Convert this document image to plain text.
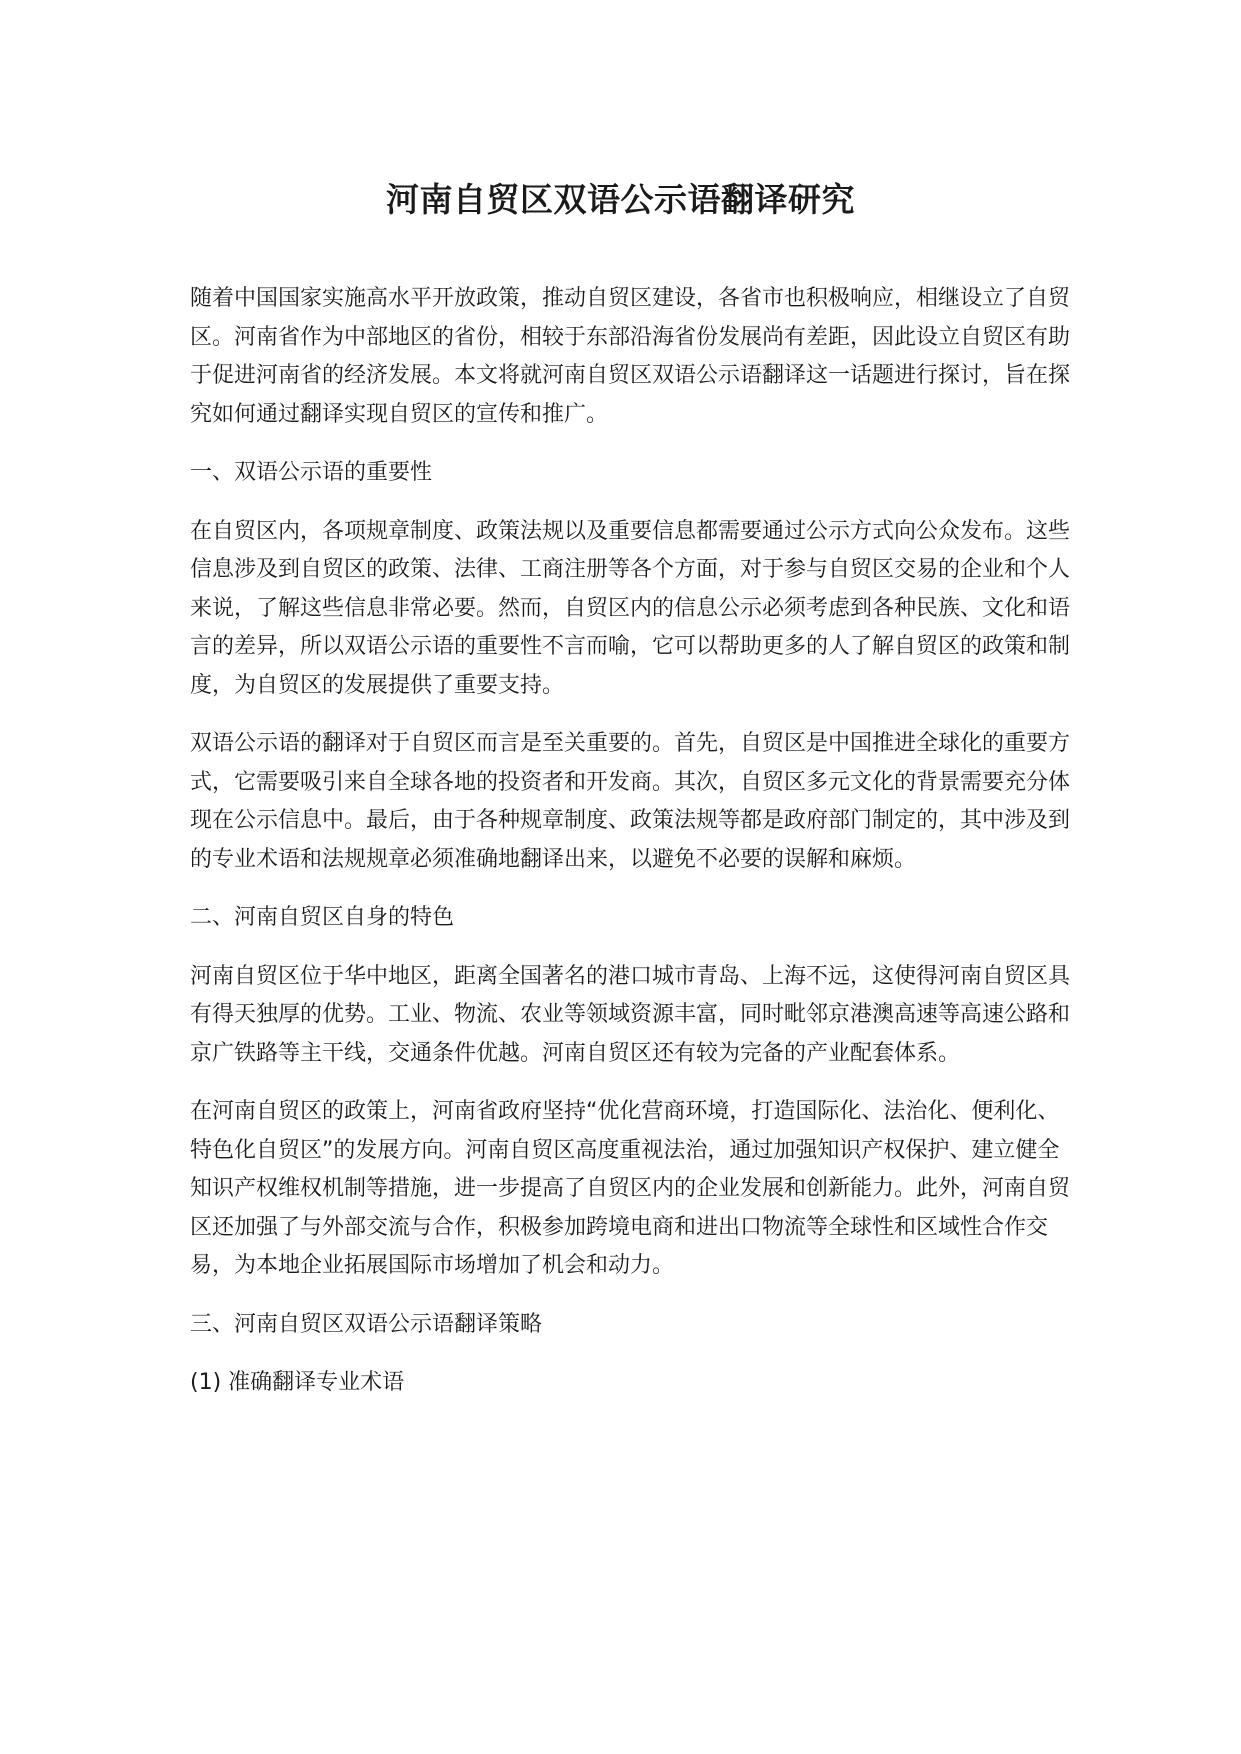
河南自贸区双语公示语翻译研究

随着中国国家实施高水平开放政策，推动自贸区建设，各省市也积极响应，相继设立了自贸区。河南省作为中部地区的省份，相较于东部沿海省份发展尚有差距，因此设立自贸区有助于促进河南省的经济发展。本文将就河南自贸区双语公示语翻译这一话题进行探讨，旨在探究如何通过翻译实现自贸区的宣传和推广。

一、双语公示语的重要性

在自贸区内，各项规章制度、政策法规以及重要信息都需要通过公示方式向公众发布。这些信息涉及到自贸区的政策、法律、工商注册等各个方面，对于参与自贸区交易的企业和个人来说，了解这些信息非常必要。然而，自贸区内的信息公示必须考虑到各种民族、文化和语言的差异，所以双语公示语的重要性不言而喻，它可以帮助更多的人了解自贸区的政策和制度，为自贸区的发展提供了重要支持。

双语公示语的翻译对于自贸区而言是至关重要的。首先，自贸区是中国推进全球化的重要方式，它需要吸引来自全球各地的投资者和开发商。其次，自贸区多元文化的背景需要充分体现在公示信息中。最后，由于各种规章制度、政策法规等都是政府部门制定的，其中涉及到的专业术语和法规规章必须准确地翻译出来，以避免不必要的误解和麻烦。

二、河南自贸区自身的特色

河南自贸区位于华中地区，距离全国著名的港口城市青岛、上海不远，这使得河南自贸区具有得天独厚的优势。工业、物流、农业等领域资源丰富，同时毗邻京港澳高速等高速公路和京广铁路等主干线，交通条件优越。河南自贸区还有较为完备的产业配套体系。

在河南自贸区的政策上，河南省政府坚持“优化营商环境，打造国际化、法治化、便利化、特色化自贸区”的发展方向。河南自贸区高度重视法治，通过加强知识产权保护、建立健全知识产权维权机制等措施，进一步提高了自贸区内的企业发展和创新能力。此外，河南自贸区还加强了与外部交流与合作，积极参加跨境电商和进出口物流等全球性和区域性合作交易，为本地企业拓展国际市场增加了机会和动力。

三、河南自贸区双语公示语翻译策略

(1) 准确翻译专业术语
